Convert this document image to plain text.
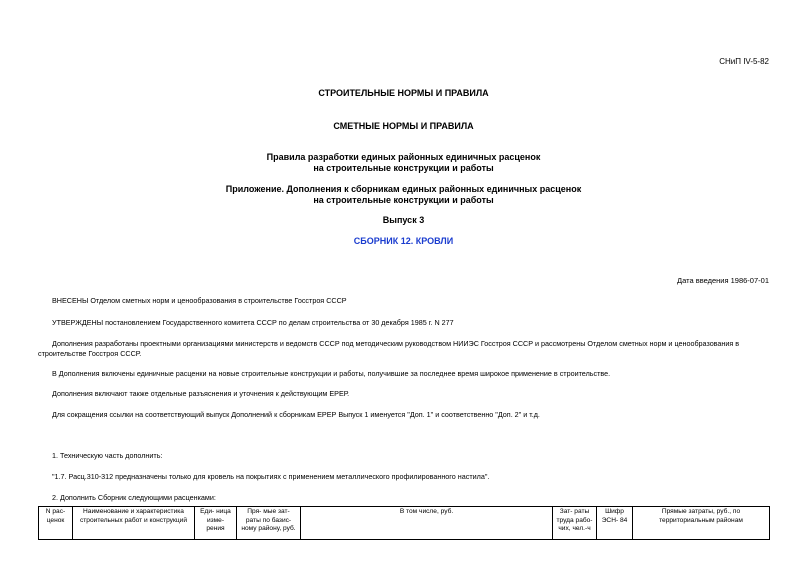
СНиП IV-5-82
СТРОИТЕЛЬНЫЕ НОРМЫ И ПРАВИЛА
СМЕТНЫЕ НОРМЫ И ПРАВИЛА
Правила разработки единых районных единичных расценок
на строительные конструкции и работы
Приложение. Дополнения к сборникам единых районных единичных расценок
на строительные конструкции и работы
Выпуск 3
СБОРНИК 12. КРОВЛИ
Дата введения 1986-07-01
ВНЕСЕНЫ Отделом сметных норм и ценообразования в строительстве Госстроя СССР
УТВЕРЖДЕНЫ постановлением Государственного комитета СССР по делам строительства от 30 декабря 1985 г. N 277
Дополнения разработаны проектными организациями министерств и ведомств СССР под методическим руководством НИИЭС Госстроя СССР и рассмотрены Отделом сметных норм и ценообразования в
строительстве Госстроя СССР.
В Дополнения включены единичные расценки на новые строительные конструкции и работы, получившие за последнее время широкое применение в строительстве.
Дополнения включают также отдельные разъяснения и уточнения к действующим ЕРЕР.
Для сокращения ссылки на соответствующий выпуск Дополнений к сборникам ЕРЕР Выпуск 1 именуется "Доп. 1" и соответственно "Доп. 2" и т.д.
1. Техническую часть дополнить:
"1.7. Расц.310-312 предназначены только для кровель на покрытиях с применением металлического профилированного настила".
2. Дополнить Сборник следующими расценками:
N рас- ценок	Наименование и характеристика строительных работ и конструкций	Еди- ница изме- рения	Пря- мые зат- раты по базис- ному району, руб.	В том числе, руб.	Зат- раты труда рабо- чих, чел.-ч	Шифр ЭСН- 84	Прямые затраты, руб., по территориальным районам
